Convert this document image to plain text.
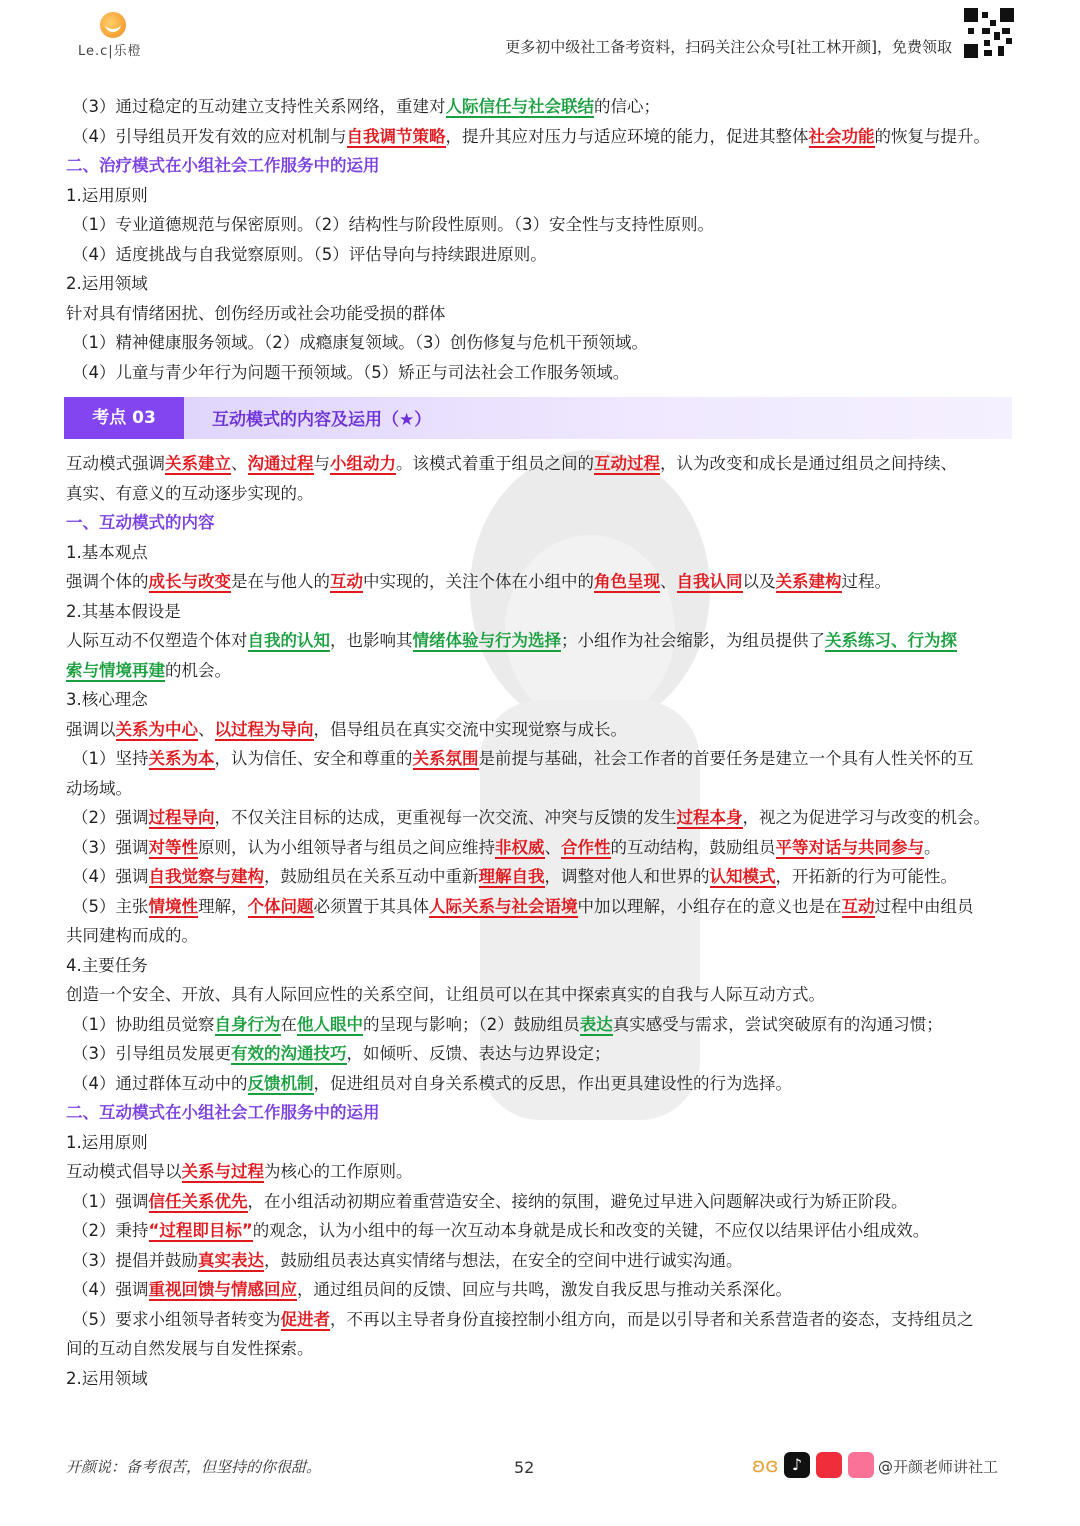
Le.c|乐橙	更多初中级社工备考资料，扫码关注公众号[社工林开颜]，免费领取
（3）通过稳定的互动建立支持性关系网络，重建对人际信任与社会联结的信心；
（4）引导组员开发有效的应对机制与自我调节策略，提升其应对压力与适应环境的能力，促进其整体社会功能的恢复与提升。
二、治疗模式在小组社会工作服务中的运用
1.运用原则
（1）专业道德规范与保密原则。（2）结构性与阶段性原则。（3）安全性与支持性原则。
（4）适度挑战与自我觉察原则。（5）评估导向与持续跟进原则。
2.运用领域
针对具有情绪困扰、创伤经历或社会功能受损的群体
（1）精神健康服务领域。（2）成瘾康复领域。（3）创伤修复与危机干预领域。
（4）儿童与青少年行为问题干预领域。（5）矫正与司法社会工作服务领域。
考点 03	互动模式的内容及运用（★）
互动模式强调关系建立、沟通过程与小组动力。该模式着重于组员之间的互动过程，认为改变和成长是通过组员之间持续、
真实、有意义的互动逐步实现的。
一、互动模式的内容
1.基本观点
强调个体的成长与改变是在与他人的互动中实现的，关注个体在小组中的角色呈现、自我认同以及关系建构过程。
2.其基本假设是
人际互动不仅塑造个体对自我的认知，也影响其情绪体验与行为选择；小组作为社会缩影，为组员提供了关系练习、行为探
索与情境再建的机会。
3.核心理念
强调以关系为中心、以过程为导向，倡导组员在真实交流中实现觉察与成长。
（1）坚持关系为本，认为信任、安全和尊重的关系氛围是前提与基础，社会工作者的首要任务是建立一个具有人性关怀的互
动场域。
（2）强调过程导向，不仅关注目标的达成，更重视每一次交流、冲突与反馈的发生过程本身，视之为促进学习与改变的机会。
（3）强调对等性原则，认为小组领导者与组员之间应维持非权威、合作性的互动结构，鼓励组员平等对话与共同参与。
（4）强调自我觉察与建构，鼓励组员在关系互动中重新理解自我，调整对他人和世界的认知模式，开拓新的行为可能性。
（5）主张情境性理解，个体问题必须置于其具体人际关系与社会语境中加以理解，小组存在的意义也是在互动过程中由组员
共同建构而成的。
4.主要任务
创造一个安全、开放、具有人际回应性的关系空间，让组员可以在其中探索真实的自我与人际互动方式。
（1）协助组员觉察自身行为在他人眼中的呈现与影响；（2）鼓励组员表达真实感受与需求，尝试突破原有的沟通习惯；
（3）引导组员发展更有效的沟通技巧，如倾听、反馈、表达与边界设定；
（4）通过群体互动中的反馈机制，促进组员对自身关系模式的反思，作出更具建设性的行为选择。
二、互动模式在小组社会工作服务中的运用
1.运用原则
互动模式倡导以关系与过程为核心的工作原则。
（1）强调信任关系优先，在小组活动初期应着重营造安全、接纳的氛围，避免过早进入问题解决或行为矫正阶段。
（2）秉持“过程即目标”的观念，认为小组中的每一次互动本身就是成长和改变的关键，不应仅以结果评估小组成效。
（3）提倡并鼓励真实表达，鼓励组员表达真实情绪与想法，在安全的空间中进行诚实沟通。
（4）强调重视回馈与情感回应，通过组员间的反馈、回应与共鸣，激发自我反思与推动关系深化。
（5）要求小组领导者转变为促进者，不再以主导者身份直接控制小组方向，而是以引导者和关系营造者的姿态，支持组员之
间的互动自然发展与自发性探索。
2.运用领域
开颜说：备考很苦，但坚持的你很甜。	52	ʚɞ ♪	@开颜老师讲社工
